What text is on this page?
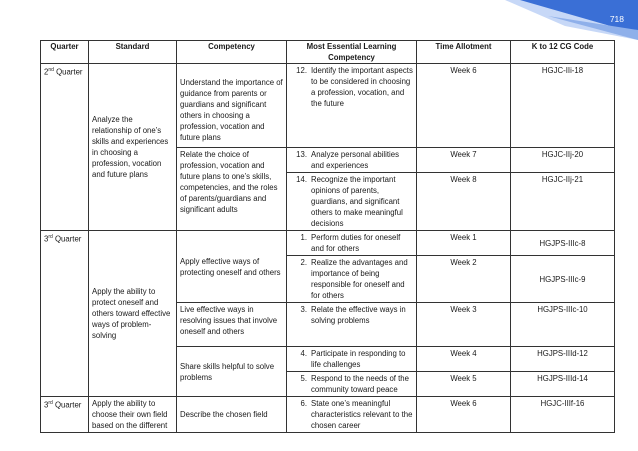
718
Quarter	Standard	Competency	Most Essential Learning Competency	Time Allotment	K to 12 CG Code
2nd Quarter	Analyze the relationship of one’s skills and experiences in choosing a profession, vocation and future plans	Understand the importance of guidance from parents or guardians and significant others in choosing a profession, vocation and future plans	12. Identify the important aspects to be considered in choosing a profession, vocation, and the future	Week 6	HGJC-IIi-18
		Relate the choice of profession, vocation and future plans to one’s skills, competencies, and the roles of parents/guardians and significant adults	13. Analyze personal abilities and experiences	Week 7	HGJC-IIj-20

			14. Recognize the important opinions of parents, guardians, and significant others to make meaningful decisions	Week 8	HGJC-IIj-21
3rd Quarter	Apply the ability to protect oneself and others toward effective ways of problem-solving	Apply effective ways of protecting oneself and others	1. Perform duties for oneself and for others	Week 1	HGJPS-IIIc-8

			2. Realize the advantages and importance of being responsible for oneself and for others	Week 2	HGJPS-IIIc-9
		Live effective ways in resolving issues that involve oneself and others	3. Relate the effective ways in solving problems	Week 3	HGJPS-IIIc-10
		Share skills helpful to solve problems	4. Participate in responding to life challenges	Week 4	HGJPS-IIId-12

			5. Respond to the needs of the community toward peace	Week 5	HGJPS-IIId-14
3rd Quarter	Apply the ability to choose their own field based on the different	Describe the chosen field	6. State one’s meaningful characteristics relevant to the chosen career	Week 6	HGJC-IIIf-16
